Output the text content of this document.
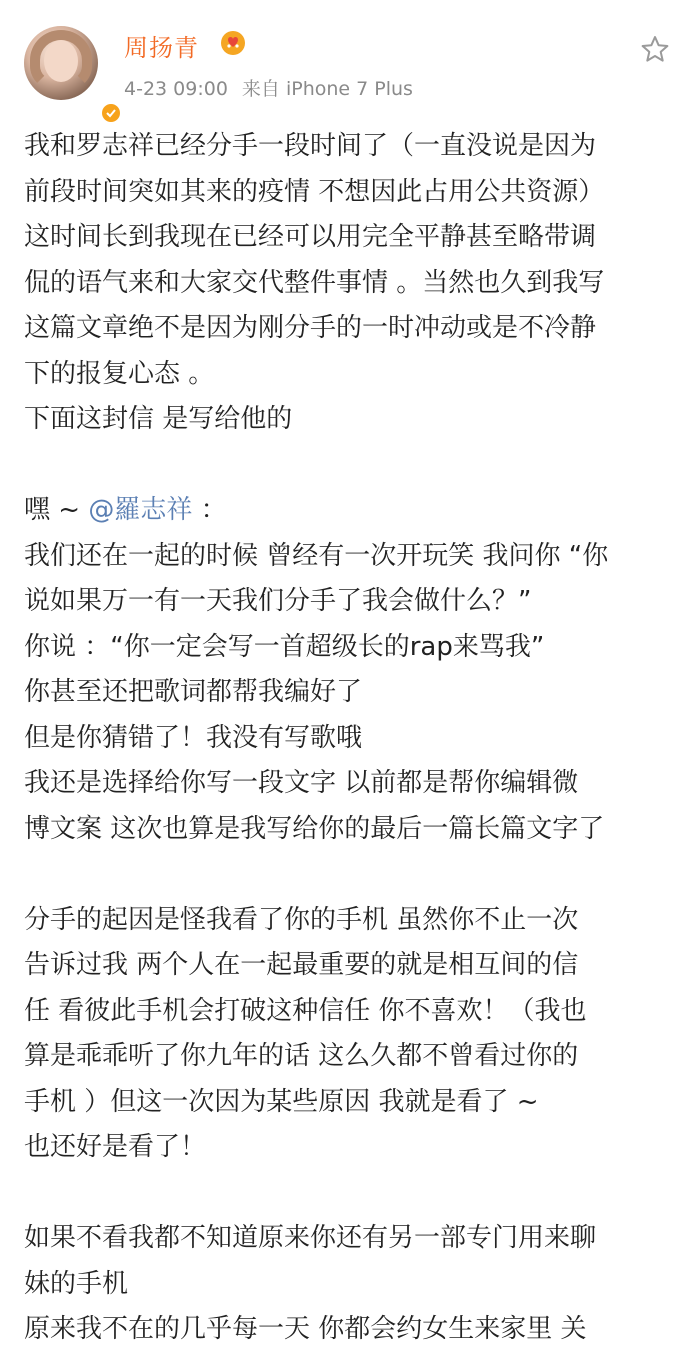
周扬青
4-23 09:00 来自 iPhone 7 Plus
我和罗志祥已经分手一段时间了（一直没说是因为
前段时间突如其来的疫情 不想因此占用公共资源）
这时间长到我现在已经可以用完全平静甚至略带调
侃的语气来和大家交代整件事情 。当然也久到我写
这篇文章绝不是因为刚分手的一时冲动或是不冷静
下的报复心态 。
下面这封信 是写给他的
嘿 ~ @羅志祥 ：
我们还在一起的时候 曾经有一次开玩笑 我问你 “你
说如果万一有一天我们分手了我会做什么？”
你说 ：“你一定会写一首超级长的rap来骂我”
你甚至还把歌词都帮我编好了
但是你猜错了！我没有写歌哦
我还是选择给你写一段文字 以前都是帮你编辑微
博文案 这次也算是我写给你的最后一篇长篇文字了
分手的起因是怪我看了你的手机 虽然你不止一次
告诉过我 两个人在一起最重要的就是相互间的信
任 看彼此手机会打破这种信任 你不喜欢！（我也
算是乖乖听了你九年的话 这么久都不曾看过你的
手机 ）但这一次因为某些原因 我就是看了 ~
也还好是看了！
如果不看我都不知道原来你还有另一部专门用来聊
妹的手机
原来我不在的几乎每一天 你都会约女生来家里 关
